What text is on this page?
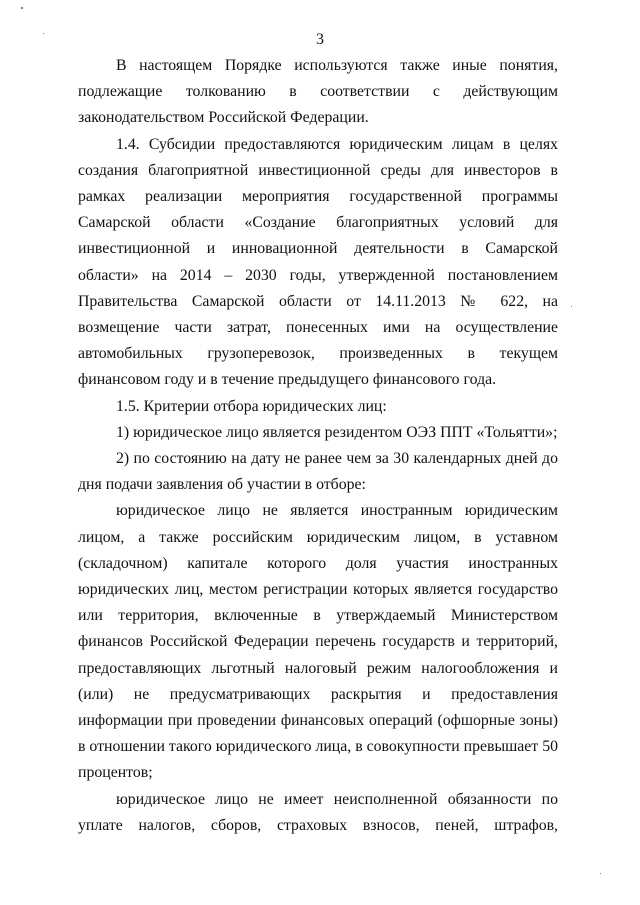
3

В настоящем Порядке используются также иные понятия, подлежащие толкованию в соответствии с действующим законодательством Российской Федерации.

1.4. Субсидии предоставляются юридическим лицам в целях создания благоприятной инвестиционной среды для инвесторов в рамках реализации мероприятия государственной программы Самарской области «Создание благоприятных условий для инвестиционной и инновационной деятельности в Самарской области» на 2014 – 2030 годы, утвержденной постановлением Правительства Самарской области от 14.11.2013 № 622, на возмещение части затрат, понесенных ими на осуществление автомобильных грузоперевозок, произведенных в текущем финансовом году и в течение предыдущего финансового года.

1.5. Критерии отбора юридических лиц:

1) юридическое лицо является резидентом ОЭЗ ППТ «Тольятти»;

2) по состоянию на дату не ранее чем за 30 календарных дней до дня подачи заявления об участии в отборе:

юридическое лицо не является иностранным юридическим лицом, а также российским юридическим лицом, в уставном (складочном) капитале которого доля участия иностранных юридических лиц, местом регистрации которых является государство или территория, включенные в утверждаемый Министерством финансов Российской Федерации перечень государств и территорий, предоставляющих льготный налоговый режим налогообложения и (или) не предусматривающих раскрытия и предоставления информации при проведении финансовых операций (офшорные зоны) в отношении такого юридического лица, в совокупности превышает 50 процентов;

юридическое лицо не имеет неисполненной обязанности по уплате налогов, сборов, страховых взносов, пеней, штрафов,
